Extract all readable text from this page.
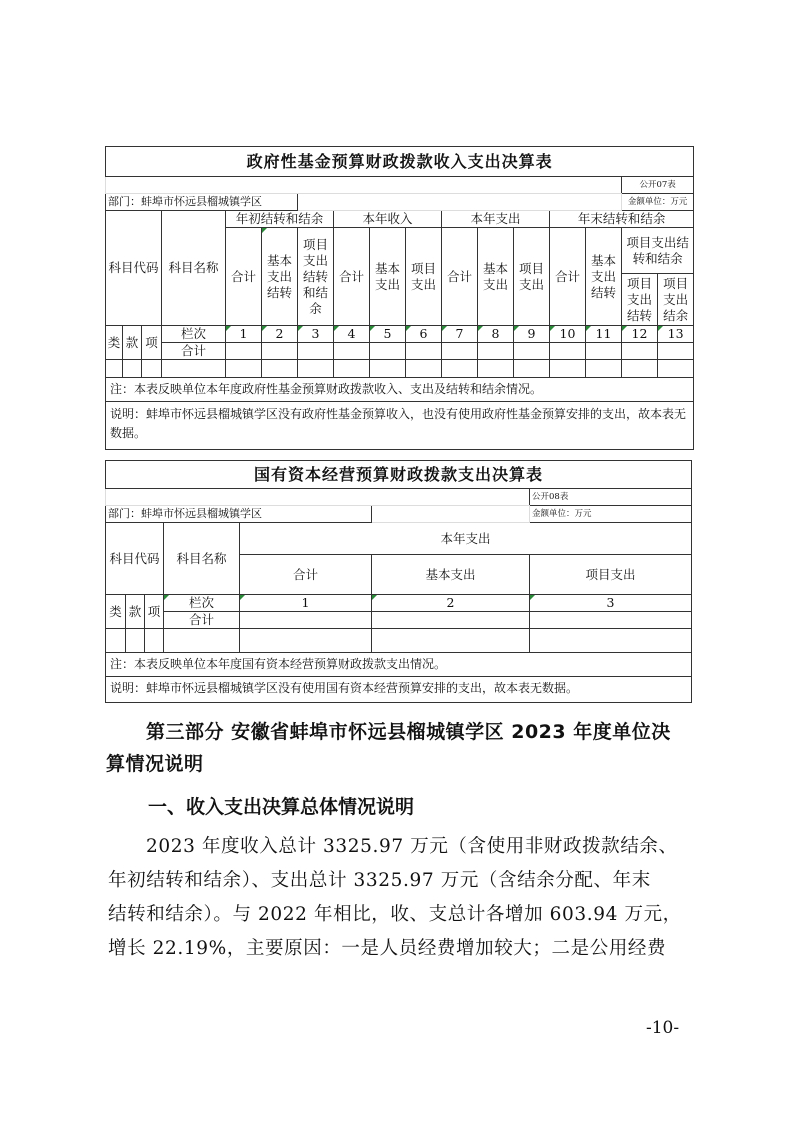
政府性基金预算财政拨款收入支出决算表																
															公开07表	
部门：蚌埠市怀远县榴城镇学区															金额单位：万元	
科目代码			科目名称	年初结转和结余			本年收入			本年支出			年末结转和结余			
				合计	基本支出结转	项目支出结转和结余	合计	基本支出	项目支出	合计	基本支出	项目支出	合计	基本支出结转	项目支出结转和结余	
															项目支出结转	项目支出结余
类	款	项	栏次	1	2	3	4	5	6	7	8	9	10	11	12	13
			合计													

注：本表反映单位本年度政府性基金预算财政拨款收入、支出及结转和结余情况。																
说明：蚌埠市怀远县榴城镇学区没有政府性基金预算收入，也没有使用政府性基金预算安排的支出，故本表无数据。																
国有资本经营预算财政拨款支出决算表						
						公开08表
部门：蚌埠市怀远县榴城镇学区						金额单位：万元
科目代码			科目名称	本年支出		
				合计	基本支出	项目支出
类	款	项	栏次	1	2	3
			合计			

注：本表反映单位本年度国有资本经营预算财政拨款支出情况。						
说明：蚌埠市怀远县榴城镇学区没有使用国有资本经营预算安排的支出，故本表无数据。						
第三部分 安徽省蚌埠市怀远县榴城镇学区 2023 年度单位决
算情况说明
一、收入支出决算总体情况说明
2023 年度收入总计 3325.97 万元（含使用非财政拨款结余、
年初结转和结余）、支出总计 3325.97 万元（含结余分配、年末
结转和结余）。与 2022 年相比，收、支总计各增加 603.94 万元，
增长 22.19%，主要原因：一是人员经费增加较大；二是公用经费
-10-
